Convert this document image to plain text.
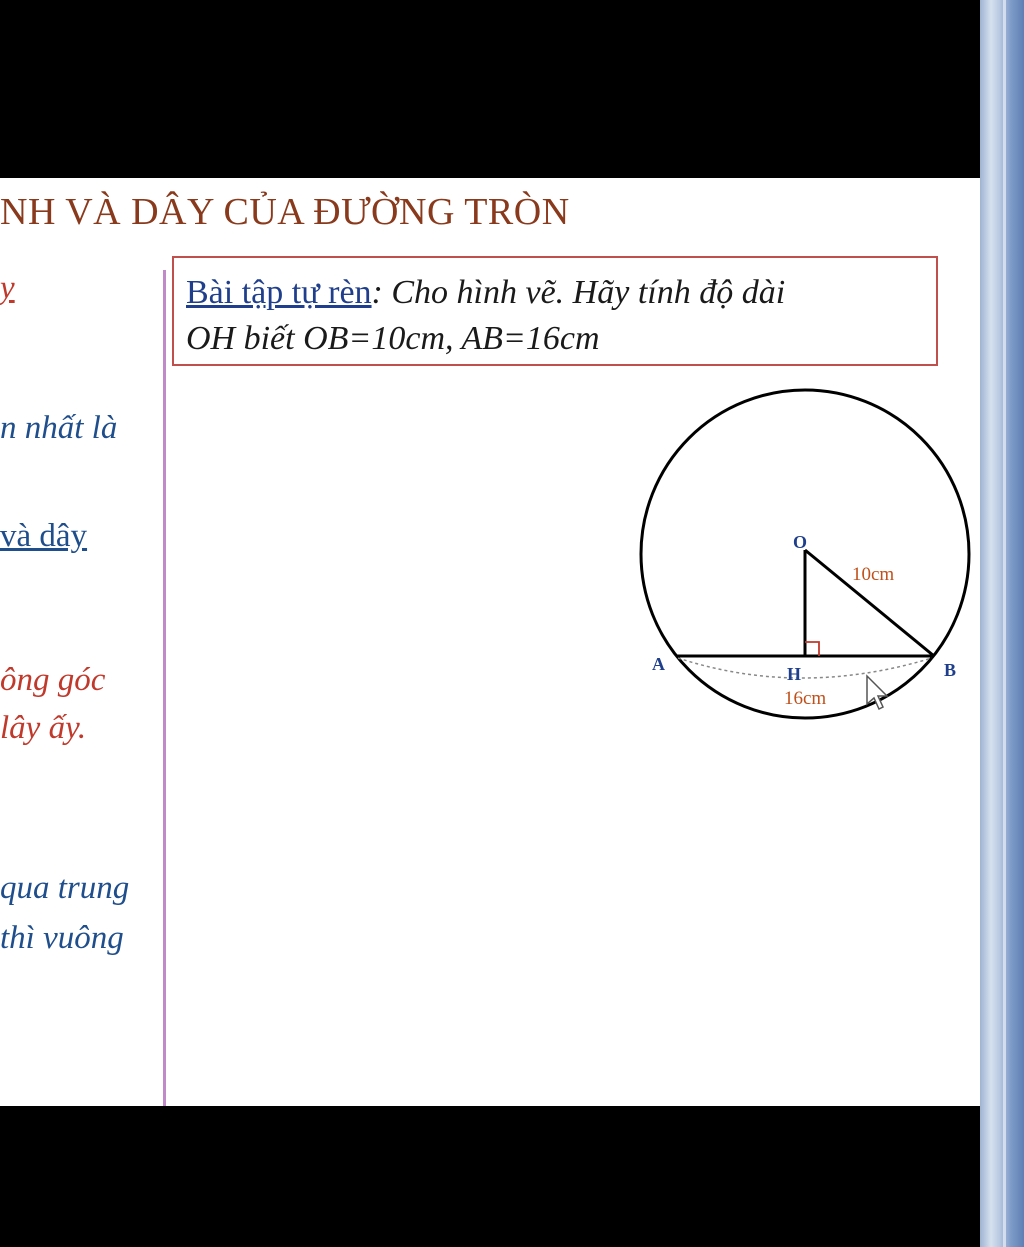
NH VÀ DÂY CỦA ĐƯỜNG TRÒN
y
n nhất là
và dây
ông góc
lây ấy.
qua trung
thì vuông
Bài tập tự rèn: Cho hình vẽ. Hãy tính độ dài
OH biết OB=10cm, AB=16cm
O
A	B
H
10cm
16cm
